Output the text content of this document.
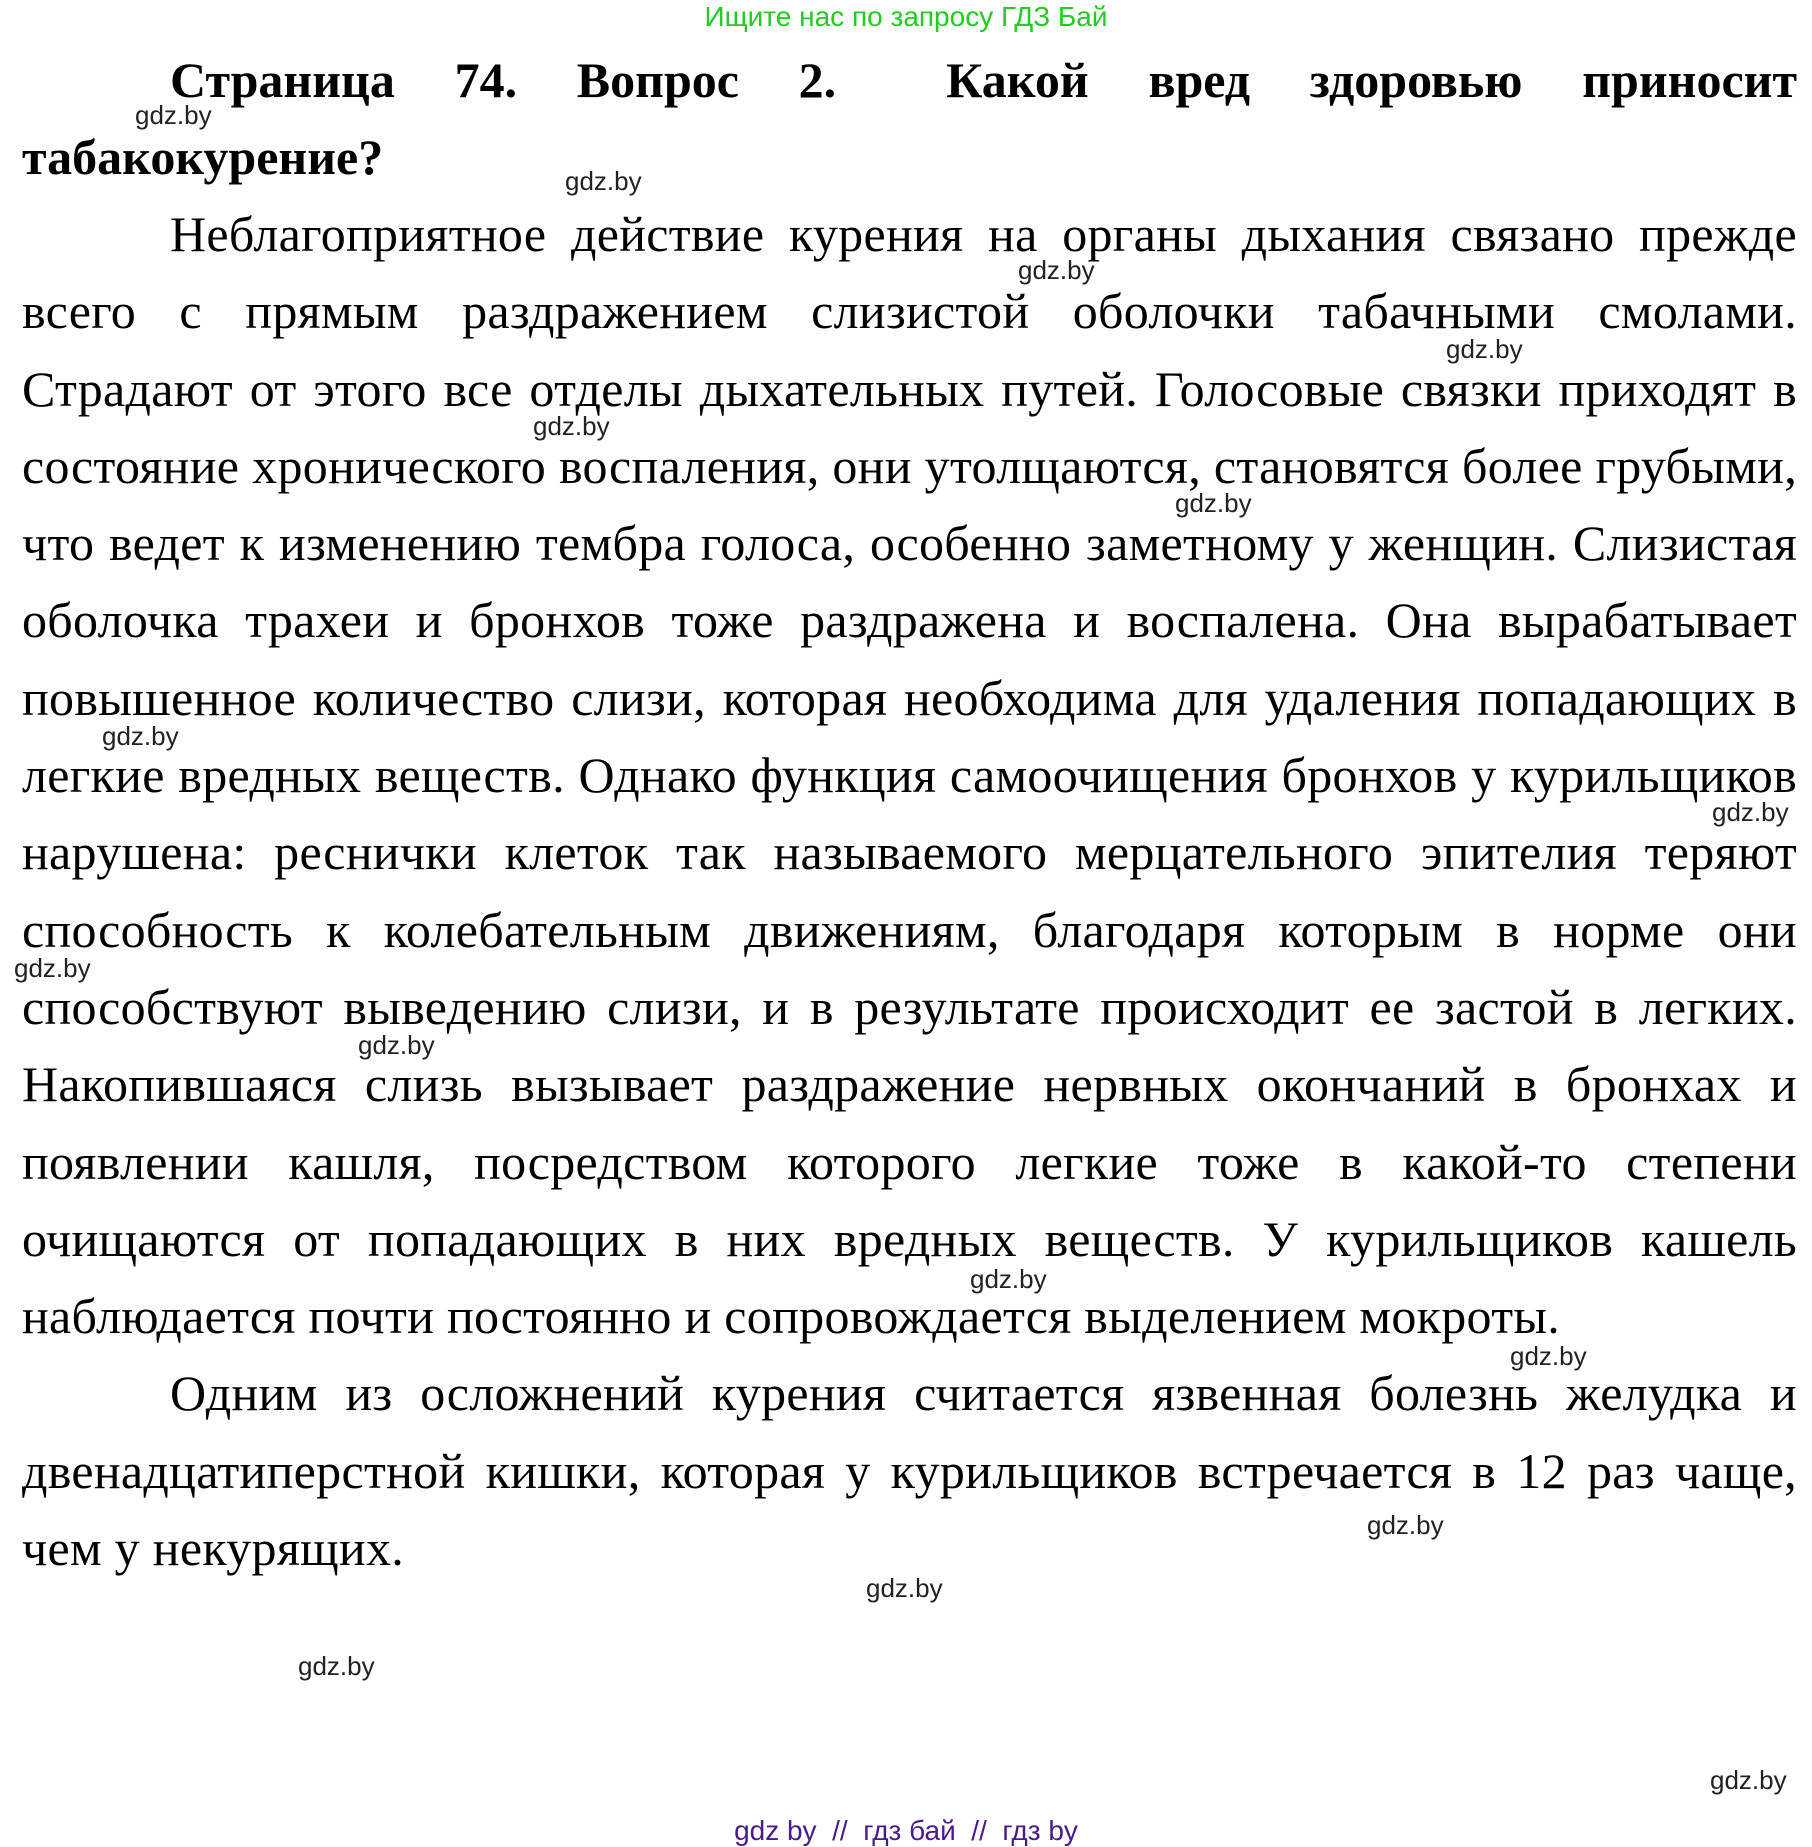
Ищите нас по запросу ГДЗ Бай

Страница 74. Вопрос 2. Какой вред здоровью приносит табакокурение?

Неблагоприятное действие курения на органы дыхания связано прежде всего с прямым раздражением слизистой оболочки табачными смолами. Страдают от этого все отделы дыхательных путей. Голосовые связки приходят в состояние хронического воспаления, они утолщаются, становятся более грубыми, что ведет к изменению тембра голоса, особенно заметному у женщин. Слизистая оболочка трахеи и бронхов тоже раздражена и воспалена. Она вырабатывает повышенное количество слизи, которая необходима для удаления попадающих в легкие вредных веществ. Однако функция самоочищения бронхов у курильщиков нарушена: реснички клеток так называемого мерцательного эпителия теряют способность к колебательным движениям, благодаря которым в норме они способствуют выведению слизи, и в результате происходит ее застой в легких. Накопившаяся слизь вызывает раздражение нервных окончаний в бронхах и появлении кашля, посредством которого легкие тоже в какой-то степени очищаются от попадающих в них вредных веществ. У курильщиков кашель наблюдается почти постоянно и сопровождается выделением мокроты.

Одним из осложнений курения считается язвенная болезнь желудка и двенадцатиперстной кишки, которая у курильщиков встречается в 12 раз чаще, чем у некурящих.

gdz.by
gdz.by
gdz.by
gdz.by
gdz.by
gdz.by
gdz.by
gdz.by
gdz.by
gdz.by
gdz.by
gdz.by
gdz.by
gdz.by
gdz.by
gdz.by
gdz by  //  гдз бай  //  гдз by
